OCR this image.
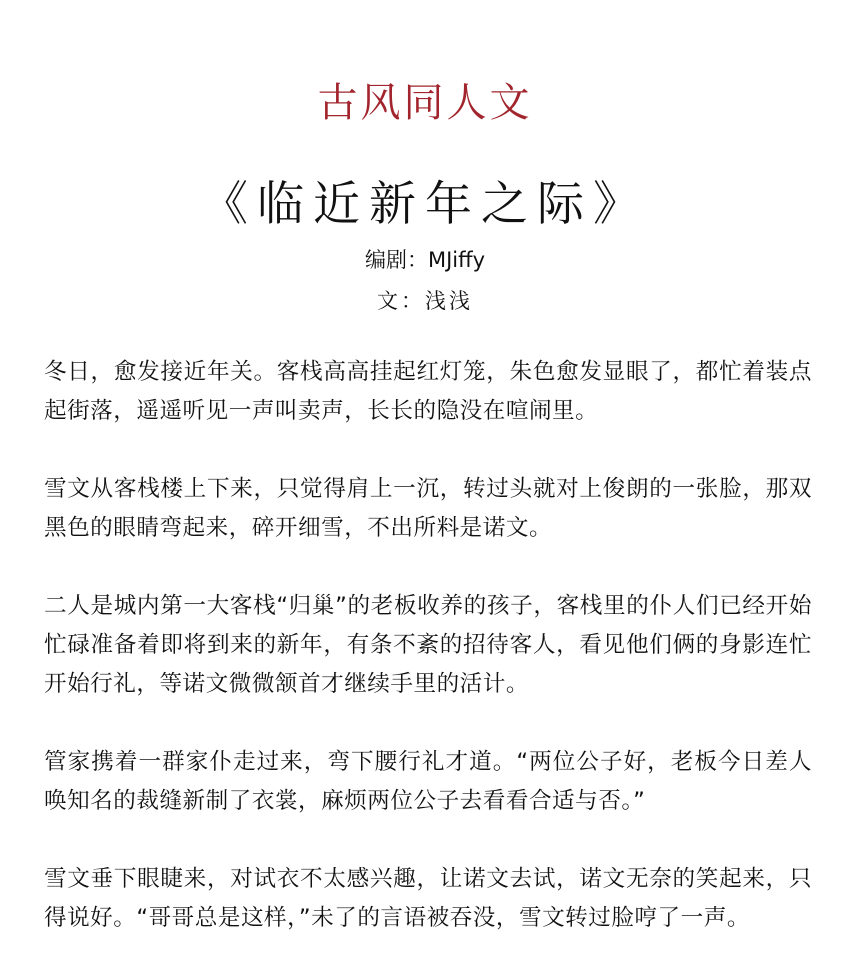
古风同人文
《临近新年之际》
编剧：MJiffy
文：浅浅

冬日，愈发接近年关。客栈高高挂起红灯笼，朱色愈发显眼了，都忙着装点起街落，遥遥听见一声叫卖声，长长的隐没在喧闹里。

雪文从客栈楼上下来，只觉得肩上一沉，转过头就对上俊朗的一张脸，那双黑色的眼睛弯起来，碎开细雪，不出所料是诺文。

二人是城内第一大客栈“归巢”的老板收养的孩子，客栈里的仆人们已经开始忙碌准备着即将到来的新年，有条不紊的招待客人，看见他们俩的身影连忙开始行礼，等诺文微微颔首才继续手里的活计。

管家携着一群家仆走过来，弯下腰行礼才道。“两位公子好，老板今日差人唤知名的裁缝新制了衣裳，麻烦两位公子去看看合适与否。”

雪文垂下眼睫来，对试衣不太感兴趣，让诺文去试，诺文无奈的笑起来，只得说好。“哥哥总是这样，”未了的言语被吞没，雪文转过脸哼了一声。
